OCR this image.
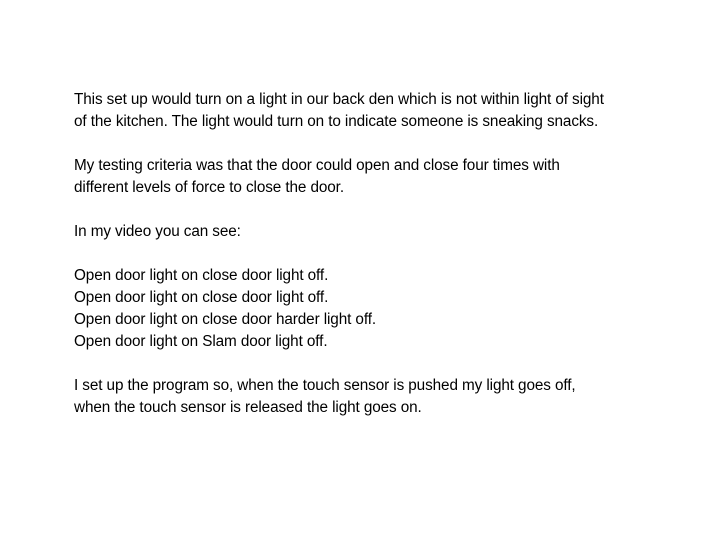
This set up would turn on a light in our back den which is not within light of sight
of the kitchen. The light would turn on to indicate someone is sneaking snacks.

My testing criteria was that the door could open and close four times with
different levels of force to close the door.

In my video you can see:

Open door light on close door light off.
Open door light on close door light off.
Open door light on close door harder light off.
Open door light on Slam door light off.

I set up the program so, when the touch sensor is pushed my light goes off,
when the touch sensor is released the light goes on.
